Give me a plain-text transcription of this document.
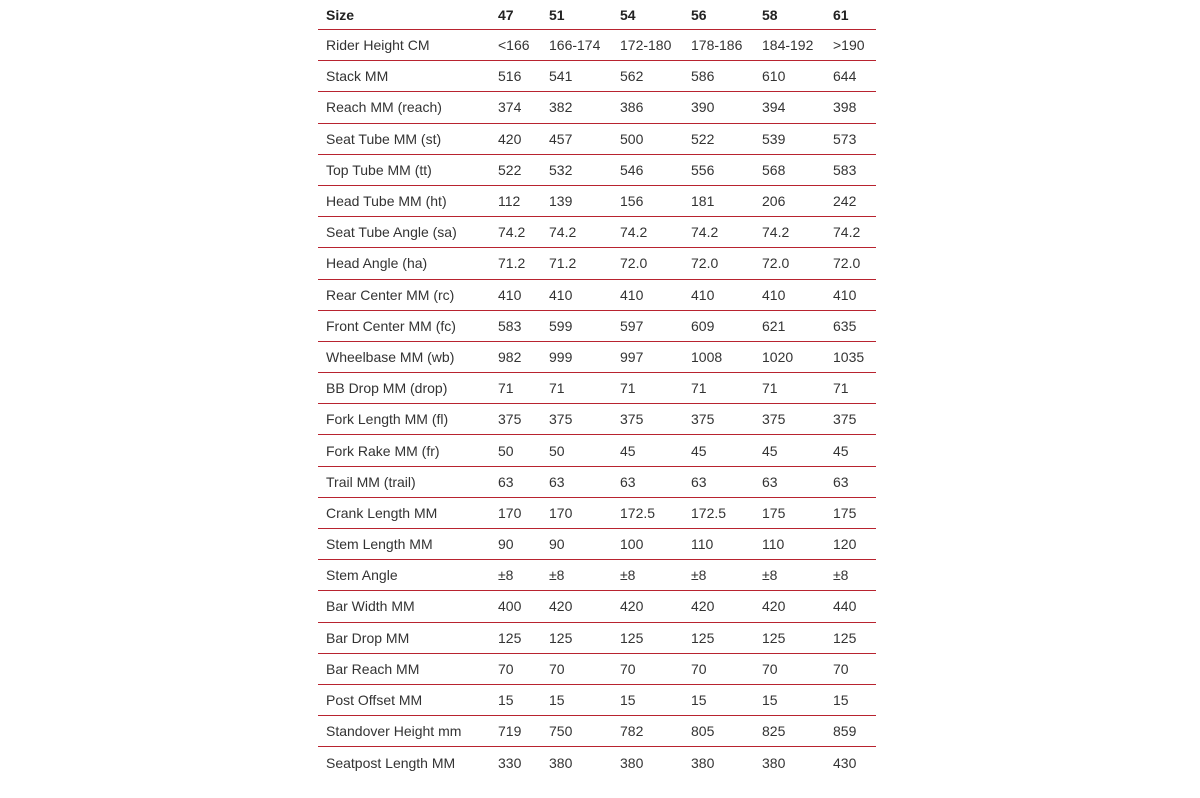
Size	47	51	54	56	58	61
Rider Height CM	<166	166-174	172-180	178-186	184-192	>190
Stack MM	516	541	562	586	610	644
Reach MM (reach)	374	382	386	390	394	398
Seat Tube MM (st)	420	457	500	522	539	573
Top Tube MM (tt)	522	532	546	556	568	583
Head Tube MM (ht)	112	139	156	181	206	242
Seat Tube Angle (sa)	74.2	74.2	74.2	74.2	74.2	74.2
Head Angle (ha)	71.2	71.2	72.0	72.0	72.0	72.0
Rear Center MM (rc)	410	410	410	410	410	410
Front Center MM (fc)	583	599	597	609	621	635
Wheelbase MM (wb)	982	999	997	1008	1020	1035
BB Drop MM (drop)	71	71	71	71	71	71
Fork Length MM (fl)	375	375	375	375	375	375
Fork Rake MM (fr)	50	50	45	45	45	45
Trail MM (trail)	63	63	63	63	63	63
Crank Length MM	170	170	172.5	172.5	175	175
Stem Length MM	90	90	100	110	110	120
Stem Angle	±8	±8	±8	±8	±8	±8
Bar Width MM	400	420	420	420	420	440
Bar Drop MM	125	125	125	125	125	125
Bar Reach MM	70	70	70	70	70	70
Post Offset MM	15	15	15	15	15	15
Standover Height mm	719	750	782	805	825	859
Seatpost Length MM	330	380	380	380	380	430
